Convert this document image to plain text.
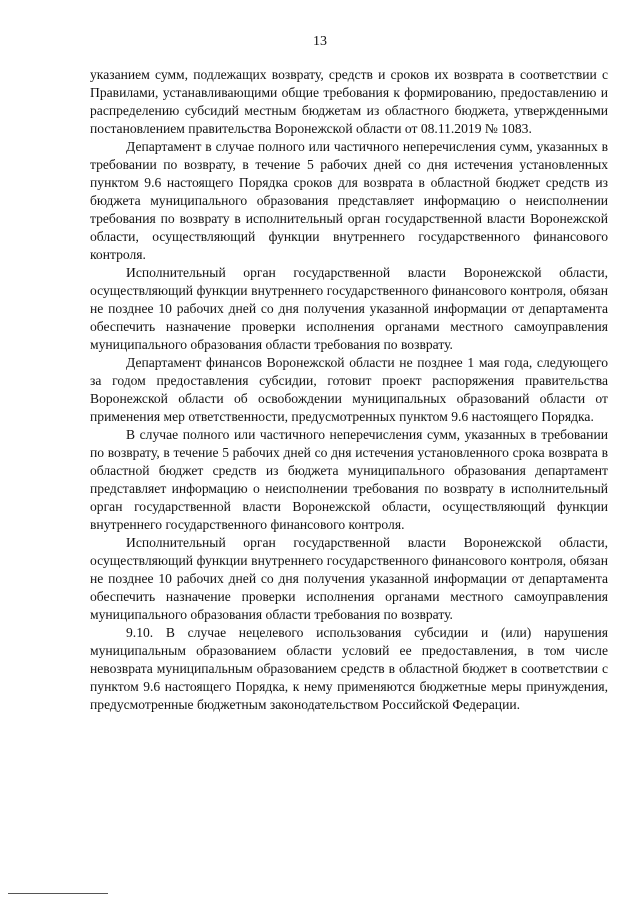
13

указанием сумм, подлежащих возврату, средств и сроков их возврата в соответствии с Правилами, устанавливающими общие требования к формированию, предоставлению и распределению субсидий местным бюджетам из областного бюджета, утвержденными постановлением правительства Воронежской области от 08.11.2019 № 1083.

Департамент в случае полного или частичного неперечисления сумм, указанных в требовании по возврату, в течение 5 рабочих дней со дня истечения установленных пунктом 9.6 настоящего Порядка сроков для возврата в областной бюджет средств из бюджета муниципального образования представляет информацию о неисполнении требования по возврату в исполнительный орган государственной власти Воронежской области, осуществляющий функции внутреннего государственного финансового контроля.

Исполнительный орган государственной власти Воронежской области, осуществляющий функции внутреннего государственного финансового контроля, обязан не позднее 10 рабочих дней со дня получения указанной информации от департамента обеспечить назначение проверки исполнения органами местного самоуправления муниципального образования области требования по возврату.

Департамент финансов Воронежской области не позднее 1 мая года, следующего за годом предоставления субсидии, готовит проект распоряжения правительства Воронежской области об освобождении муниципальных образований области от применения мер ответственности, предусмотренных пунктом 9.6 настоящего Порядка.

В случае полного или частичного неперечисления сумм, указанных в требовании по возврату, в течение 5 рабочих дней со дня истечения установленного срока возврата в областной бюджет средств из бюджета муниципального образования департамент представляет информацию о неисполнении требования по возврату в исполнительный орган государственной власти Воронежской области, осуществляющий функции внутреннего государственного финансового контроля.

Исполнительный орган государственной власти Воронежской области, осуществляющий функции внутреннего государственного финансового контроля, обязан не позднее 10 рабочих дней со дня получения указанной информации от департамента обеспечить назначение проверки исполнения органами местного самоуправления муниципального образования области требования по возврату.

9.10. В случае нецелевого использования субсидии и (или) нарушения муниципальным образованием области условий ее предоставления, в том числе невозврата муниципальным образованием средств в областной бюджет в соответствии с пунктом 9.6 настоящего Порядка, к нему применяются бюджетные меры принуждения, предусмотренные бюджетным законодательством Российской Федерации.
